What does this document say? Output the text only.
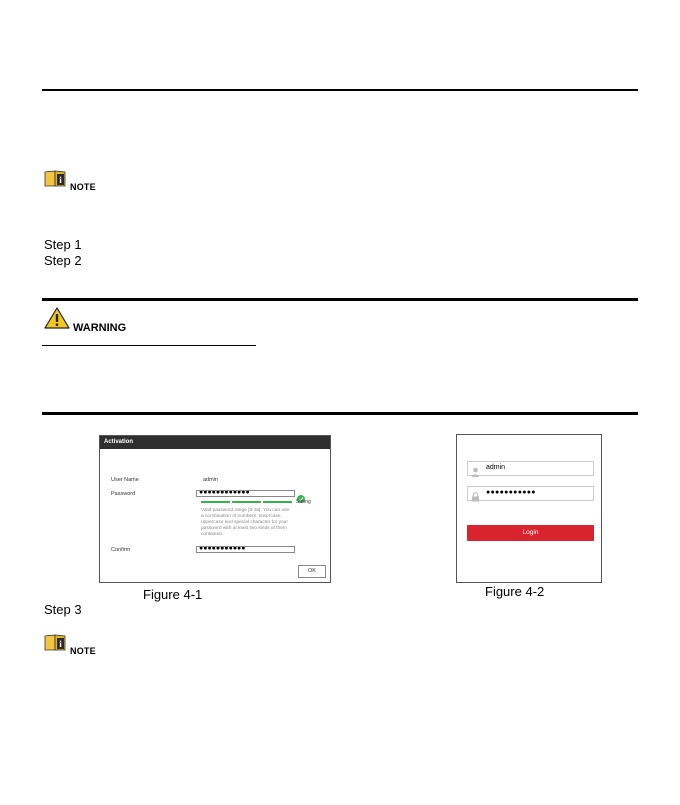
i
NOTE
Step 1
Step 2
WARNING
Activation
User Name	admin
Password	●●●●●●●●●●●●
Strong
Valid password range [8-16]. You can use a combination of numbers, lowercase, uppercase and special character for your password with at least two kinds of them contained.
Confirm	●●●●●●●●●●●
OK
admin
●●●●●●●●●●●
Login
Figure 4-1	Figure 4-2
Step 3
i
NOTE
